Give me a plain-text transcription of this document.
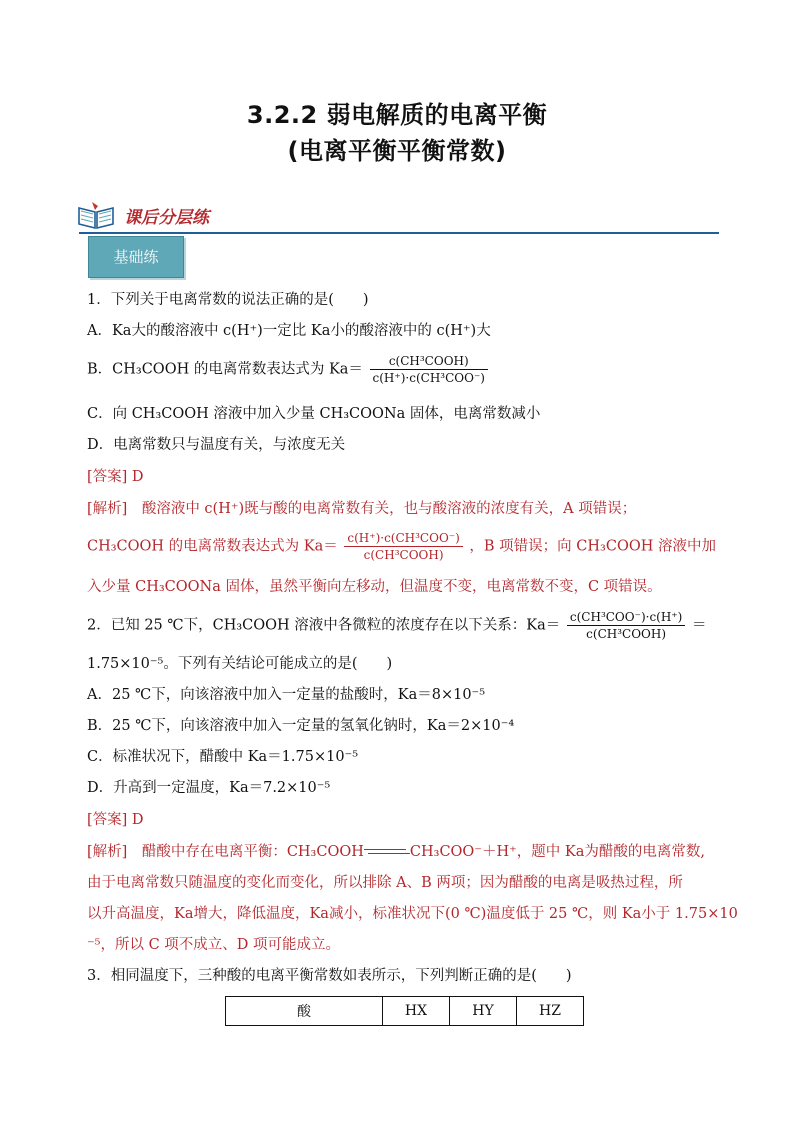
3.2.2 弱电解质的电离平衡
(电离平衡平衡常数)
课后分层练
基础练
1．下列关于电离常数的说法正确的是(　　)
A．Ka大的酸溶液中 c(H⁺)一定比 Ka小的酸溶液中的 c(H⁺)大
B．CH₃COOH 的电离常数表达式为 $Ka= \frac{\text{c(CH³COOH)}}{\text{c(H⁺)·c(CH³COO⁻)}}$
C．向 CH₃COOH 溶液中加入少量 CH₃COONa 固体，电离常数减小
D．电离常数只与温度有关，与浓度无关
[答案] D
[解析]　酸溶液中 c(H⁺)既与酸的电离常数有关，也与酸溶液的浓度有关，A 项错误；
CH₃COOH 的电离常数表达式为 $Ka= \frac{\text{c(H⁺)·c(CH³COO⁻)}}{\text{c(CH³COOH)}}$ ，B 项错误；向 CH₃COOH 溶液中加
入少量 CH₃COONa 固体，虽然平衡向左移动，但温度不变，电离常数不变，C 项错误。
2．已知 25 ℃下，CH₃COOH 溶液中各微粒的浓度存在以下关系：$Ka= \frac{\text{c(CH³COO⁻)·c(H⁺)}}{\text{c(CH³COOH)}}$ ＝
1.75×10⁻⁵。下列有关结论可能成立的是(　　)
A．25 ℃下，向该溶液中加入一定量的盐酸时，Ka＝8×10⁻⁵
B．25 ℃下，向该溶液中加入一定量的氢氧化钠时，Ka＝2×10⁻⁴
C．标准状况下，醋酸中 Ka＝1.75×10⁻⁵
D．升高到一定温度，Ka＝7.2×10⁻⁵
[答案] D
[解析]　醋酸中存在电离平衡：CH₃COOH	CH₃COO⁻＋H⁺，题中 Ka为醋酸的电离常数,
由于电离常数只随温度的变化而变化，所以排除 A、B 两项；因为醋酸的电离是吸热过程，所
以升高温度，Ka增大，降低温度，Ka减小，标准状况下(0 ℃)温度低于 25 ℃，则 Ka小于 1.75×10
⁻⁵，所以 C 项不成立、D 项可能成立。
3．相同温度下，三种酸的电离平衡常数如表所示，下列判断正确的是(　　)
酸	HX	HY	HZ
